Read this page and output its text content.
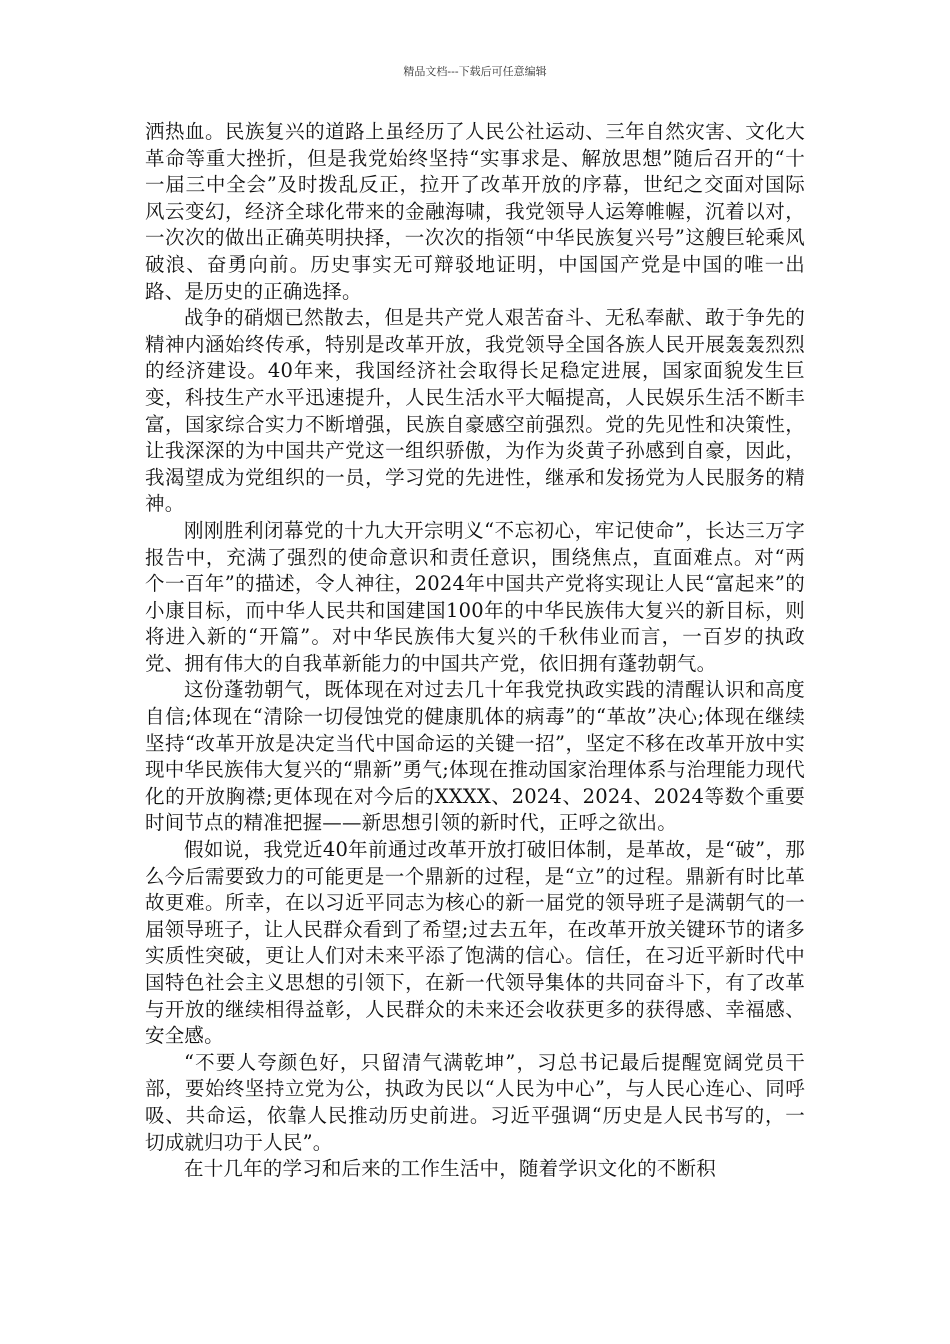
精品文档---下载后可任意编辑

洒热血。民族复兴的道路上虽经历了人民公社运动、三年自然灾害、文化大革命等重大挫折，但是我党始终坚持“实事求是、解放思想”随后召开的“十一届三中全会”及时拨乱反正，拉开了改革开放的序幕，世纪之交面对国际风云变幻，经济全球化带来的金融海啸，我党领导人运筹帷幄，沉着以对，一次次的做出正确英明抉择，一次次的指领“中华民族复兴号”这艘巨轮乘风破浪、奋勇向前。历史事实无可辩驳地证明，中国国产党是中国的唯一出路、是历史的正确选择。

战争的硝烟已然散去，但是共产党人艰苦奋斗、无私奉献、敢于争先的精神内涵始终传承，特别是改革开放，我党领导全国各族人民开展轰轰烈烈的经济建设。40年来，我国经济社会取得长足稳定进展，国家面貌发生巨变，科技生产水平迅速提升，人民生活水平大幅提高，人民娱乐生活不断丰富，国家综合实力不断增强，民族自豪感空前强烈。党的先见性和决策性，让我深深的为中国共产党这一组织骄傲，为作为炎黄子孙感到自豪，因此，我渴望成为党组织的一员，学习党的先进性，继承和发扬党为人民服务的精神。

刚刚胜利闭幕党的十九大开宗明义“不忘初心，牢记使命”，长达三万字报告中，充满了强烈的使命意识和责任意识，围绕焦点，直面难点。对“两个一百年”的描述，令人神往，2024年中国共产党将实现让人民“富起来”的小康目标，而中华人民共和国建国100年的中华民族伟大复兴的新目标，则将进入新的“开篇”。对中华民族伟大复兴的千秋伟业而言，一百岁的执政党、拥有伟大的自我革新能力的中国共产党，依旧拥有蓬勃朝气。

这份蓬勃朝气，既体现在对过去几十年我党执政实践的清醒认识和高度自信;体现在“清除一切侵蚀党的健康肌体的病毒”的“革故”决心;体现在继续坚持“改革开放是决定当代中国命运的关键一招”，坚定不移在改革开放中实现中华民族伟大复兴的“鼎新”勇气;体现在推动国家治理体系与治理能力现代化的开放胸襟;更体现在对今后的XXXX、2024、2024、2024等数个重要时间节点的精准把握——新思想引领的新时代，正呼之欲出。

假如说，我党近40年前通过改革开放打破旧体制，是革故，是“破”，那么今后需要致力的可能更是一个鼎新的过程，是“立”的过程。鼎新有时比革故更难。所幸，在以习近平同志为核心的新一届党的领导班子是满朝气的一届领导班子，让人民群众看到了希望;过去五年，在改革开放关键环节的诸多实质性突破，更让人们对未来平添了饱满的信心。信任，在习近平新时代中国特色社会主义思想的引领下，在新一代领导集体的共同奋斗下，有了改革与开放的继续相得益彰，人民群众的未来还会收获更多的获得感、幸福感、安全感。

“不要人夸颜色好，只留清气满乾坤”，习总书记最后提醒宽阔党员干部，要始终坚持立党为公，执政为民以“人民为中心”，与人民心连心、同呼吸、共命运，依靠人民推动历史前进。习近平强调“历史是人民书写的，一切成就归功于人民”。

在十几年的学习和后来的工作生活中，随着学识文化的不断积
